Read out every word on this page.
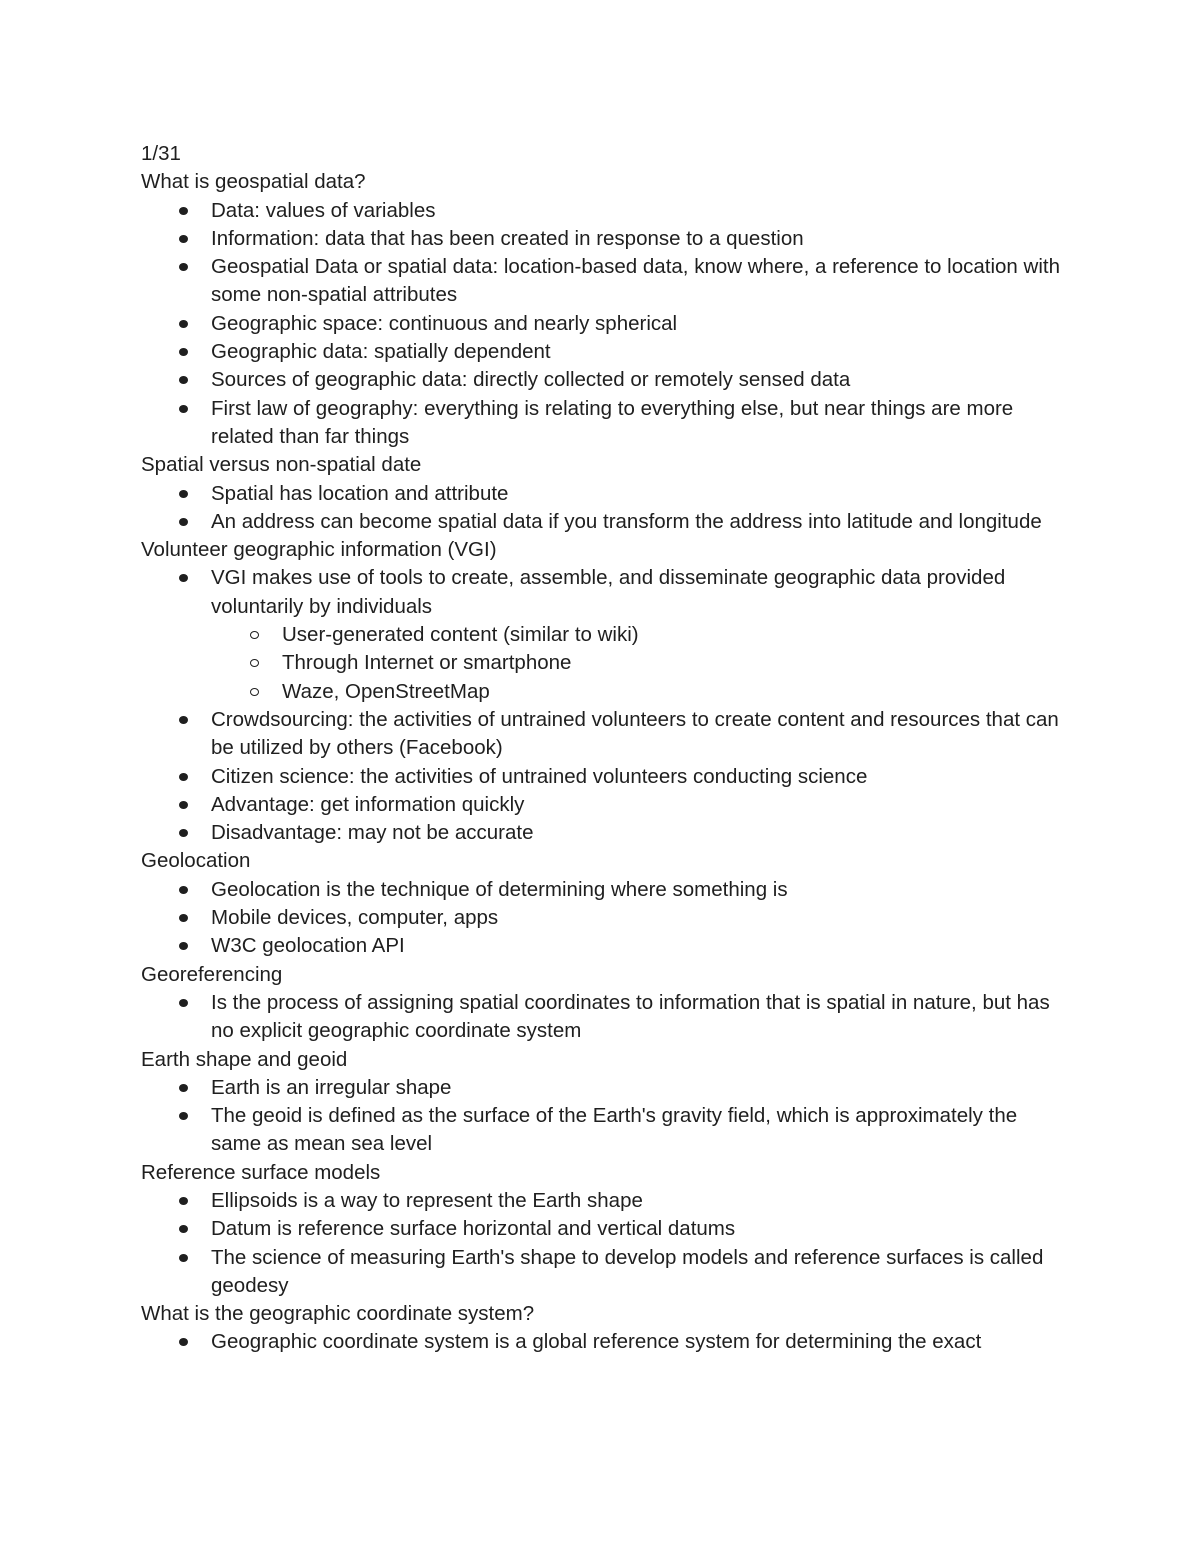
1/31

What is geospatial data?

Data: values of variables
Information: data that has been created in response to a question
Geospatial Data or spatial data: location-based data, know where, a reference to location with some non-spatial attributes
Geographic space: continuous and nearly spherical
Geographic data: spatially dependent
Sources of geographic data: directly collected or remotely sensed data
First law of geography: everything is relating to everything else, but near things are more related than far things

Spatial versus non-spatial date

Spatial has location and attribute
An address can become spatial data if you transform the address into latitude and longitude

Volunteer geographic information (VGI)

VGI makes use of tools to create, assemble, and disseminate geographic data provided voluntarily by individuals
User-generated content (similar to wiki)
Through Internet or smartphone
Waze, OpenStreetMap
Crowdsourcing: the activities of untrained volunteers to create content and resources that can be utilized by others (Facebook)
Citizen science: the activities of untrained volunteers conducting science
Advantage: get information quickly
Disadvantage: may not be accurate

Geolocation

Geolocation is the technique of determining where something is
Mobile devices, computer, apps
W3C geolocation API

Georeferencing

Is the process of assigning spatial coordinates to information that is spatial in nature, but has no explicit geographic coordinate system

Earth shape and geoid

Earth is an irregular shape
The geoid is defined as the surface of the Earth's gravity field, which is approximately the same as mean sea level

Reference surface models

Ellipsoids is a way to represent the Earth shape
Datum is reference surface horizontal and vertical datums
The science of measuring Earth's shape to develop models and reference surfaces is called geodesy

What is the geographic coordinate system?

Geographic coordinate system is a global reference system for determining the exact
